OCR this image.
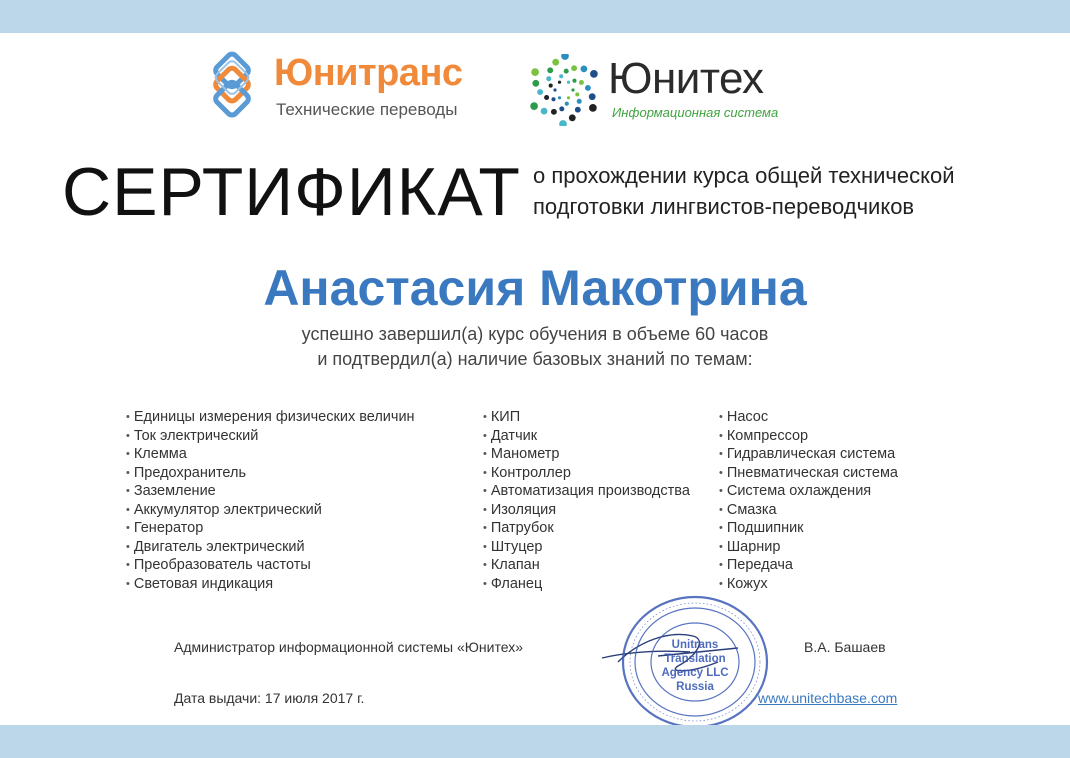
Юнитранс
Технические переводы
Юнитех
Информационная система
СЕРТИФИКАТ о прохождении курса общей технической
подготовки лингвистов-переводчиков
Анастасия Макотрина
успешно завершил(а) курс обучения в объеме 60 часов
и подтвердил(а) наличие базовых знаний по темам:
• Единицы измерения физических величин
• Ток электрический
• Клемма
• Предохранитель
• Заземление
• Аккумулятор электрический
• Генератор
• Двигатель электрический
• Преобразователь частоты
• Световая индикация
• КИП
• Датчик
• Манометр
• Контроллер
• Автоматизация производства
• Изоляция
• Патрубок
• Штуцер
• Клапан
• Фланец
• Насос
• Компрессор
• Гидравлическая система
• Пневматическая система
• Система охлаждения
• Смазка
• Подшипник
• Шарнир
• Передача
• Кожух
Администратор информационной системы «Юнитех»	В.А. Башаев
Дата выдачи: 17 июля 2017 г.	www.unitechbase.com
Unitrans
Translation
Agency LLC
Russia
